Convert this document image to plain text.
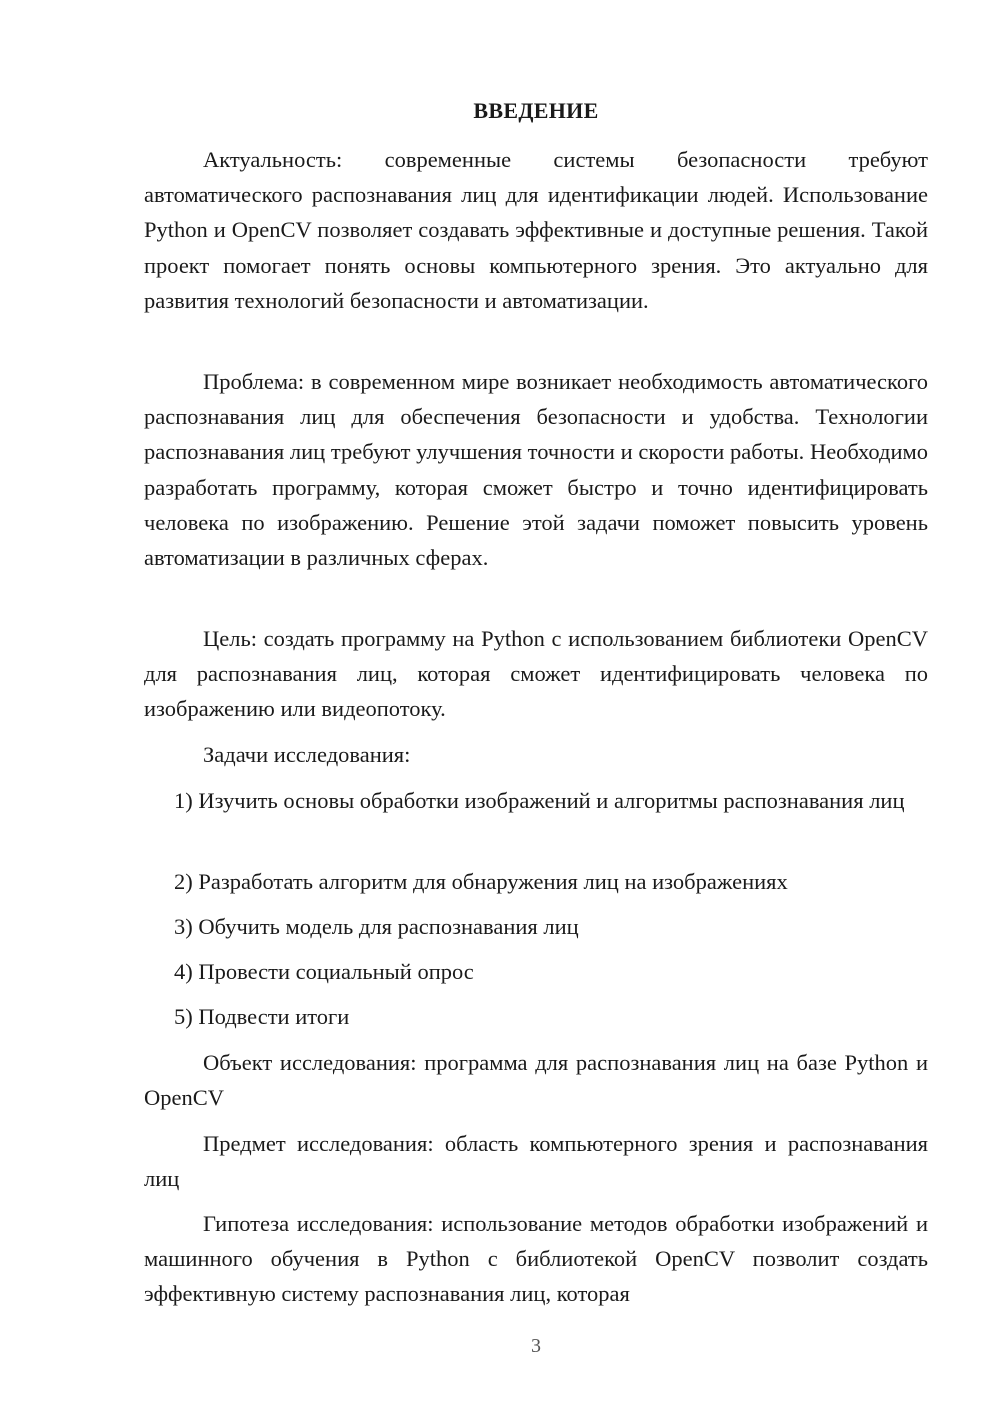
ВВЕДЕНИЕ

Актуальность: современные системы безопасности требуют автоматического распознавания лиц для идентификации людей. Использование Python и OpenCV позволяет создавать эффективные и доступные решения. Такой проект помогает понять основы компьютерного зрения. Это актуально для развития технологий безопасности и автоматизации.

Проблема: в современном мире возникает необходимость автоматического распознавания лиц для обеспечения безопасности и удобства. Технологии распознавания лиц требуют улучшения точности и скорости работы. Необходимо разработать программу, которая сможет быстро и точно идентифицировать человека по изображению. Решение этой задачи поможет повысить уровень автоматизации в различных сферах.

Цель: создать программу на Python с использованием библиотеки OpenCV для распознавания лиц, которая сможет идентифицировать человека по изображению или видеопотоку.

Задачи исследования:

1) Изучить основы обработки изображений и алгоритмы распознавания лиц

2) Разработать алгоритм для обнаружения лиц на изображениях

3) Обучить модель для распознавания лиц

4) Провести социальный опрос

5) Подвести итоги

Объект исследования: программа для распознавания лиц на базе Python и OpenCV

Предмет исследования: область компьютерного зрения и распознавания лиц

Гипотеза исследования: использование методов обработки изображений и машинного обучения в Python с библиотекой OpenCV позволит создать эффективную систему распознавания лиц, которая

3
